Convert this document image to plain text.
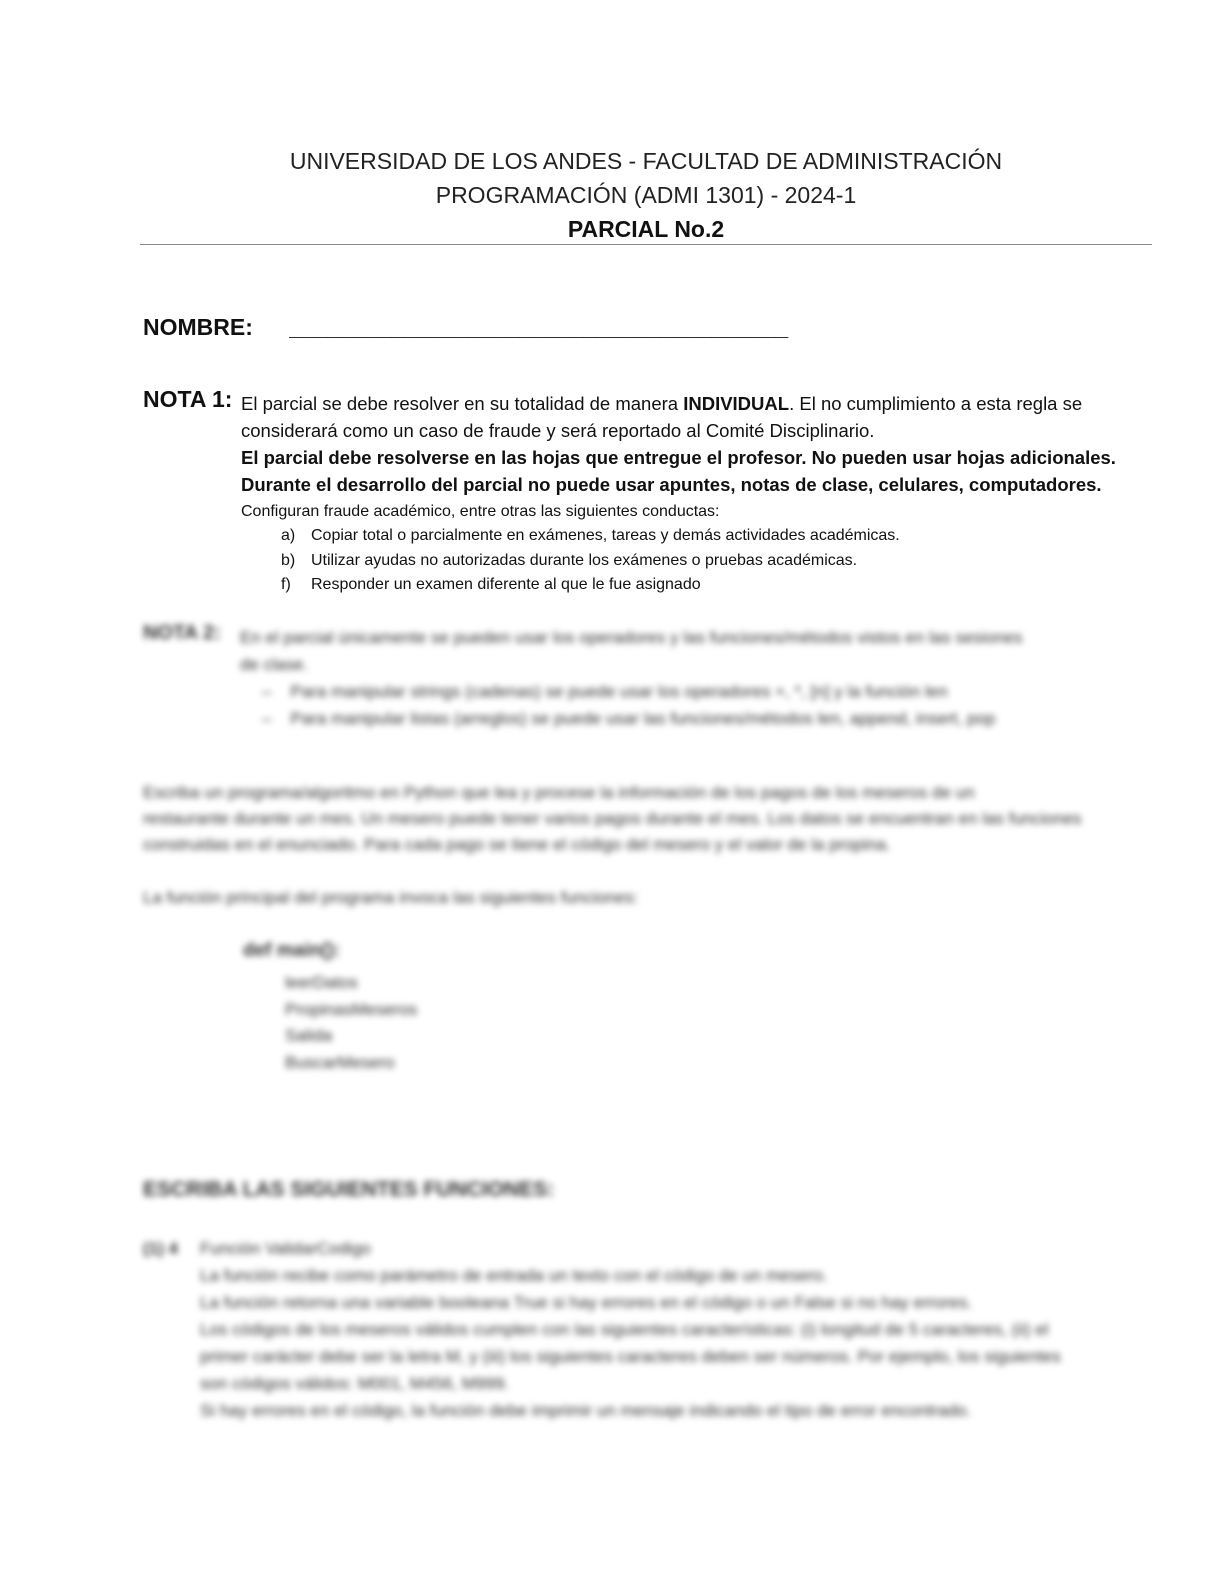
UNIVERSIDAD DE LOS ANDES - FACULTAD DE ADMINISTRACIÓN
PROGRAMACIÓN (ADMI 1301) - 2024-1
PARCIAL No.2
NOMBRE: _______________________________________
NOTA 1: El parcial se debe resolver en su totalidad de manera INDIVIDUAL. El no cumplimiento a esta regla se considerará como un caso de fraude y será reportado al Comité Disciplinario.

El parcial debe resolverse en las hojas que entregue el profesor. No pueden usar hojas adicionales.

Durante el desarrollo del parcial no puede usar apuntes, notas de clase, celulares, computadores.

Configuran fraude académico, entre otras las siguientes conductas:

a) Copiar total o parcialmente en exámenes, tareas y demás actividades académicas.
b) Utilizar ayudas no autorizadas durante los exámenes o pruebas académicas.
f) Responder un examen diferente al que le fue asignado
NOTA 2: En el parcial únicamente se pueden usar los operadores y las funciones/métodos vistos en las sesiones
de clase.
–    Para manipular strings (cadenas) se puede usar los operadores +, *, [n] y la función len
–    Para manipular listas (arreglos) se puede usar las funciones/métodos len, append, insert, pop
Escriba un programa/algoritmo en Python que lea y procese la información de los pagos de los meseros de un
restaurante durante un mes. Un mesero puede tener varios pagos durante el mes. Los datos se encuentran en las funciones
construidas en el enunciado. Para cada pago se tiene el código del mesero y el valor de la propina.
La función principal del programa invoca las siguientes funciones:
def main():
leerDatos
PropinasMeseros
Salida
BuscarMesero
ESCRIBA LAS SIGUIENTES FUNCIONES:
(1) 4 Función ValidarCodigo
La función recibe como parámetro de entrada un texto con el código de un mesero.
La función retorna una variable booleana True si hay errores en el código o un False si no hay errores.
Los códigos de los meseros válidos cumplen con las siguientes características: (i) longitud de 5 caracteres, (ii) el
primer carácter debe ser la letra M, y (iii) los siguientes caracteres deben ser números. Por ejemplo, los siguientes
son códigos válidos: M001, M456, M999.
Si hay errores en el código, la función debe imprimir un mensaje indicando el tipo de error encontrado.
